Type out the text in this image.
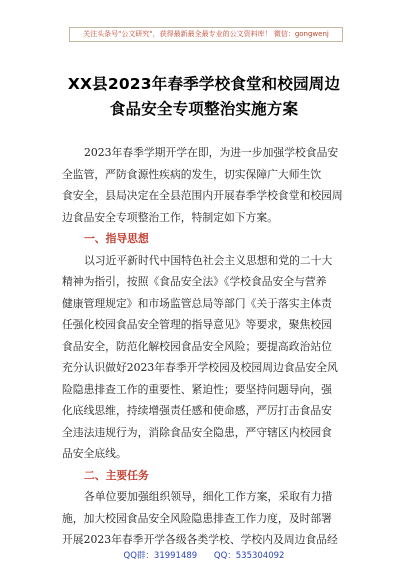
关注头条号"公文研究"，获得最新最全最专业的公文资料库！ 微信：gongwenj
XX县2023年春季学校食堂和校园周边
食品安全专项整治实施方案
2023年春季学期开学在即，为进一步加强学校食品安
全监管，严防食源性疾病的发生，切实保障广大师生饮
食安全，县局决定在全县范围内开展春季学校食堂和校园周
边食品安全专项整治工作，特制定如下方案。
一、指导思想
以习近平新时代中国特色社会主义思想和党的二十大
精神为指引，按照《食品安全法》《学校食品安全与营养
健康管理规定》和市场监管总局等部门《关于落实主体责
任强化校园食品安全管理的指导意见》等要求，聚焦校园
食品安全，防范化解校园食品安全风险；要提高政治站位
充分认识做好2023年春季开学校园及校园周边食品安全风
险隐患排查工作的重要性、紧迫性；要坚持问题导向，强
化底线思维，持续增强责任感和使命感，严厉打击食品安
全违法违规行为，消除食品安全隐患，严守辖区内校园食
品安全底线。
二、主要任务
各单位要加强组织领导，细化工作方案，采取有力措
施，加大校园食品安全风险隐患排查工作力度，及时部署
开展2023年春季开学各级各类学校、学校内及周边食品经
QQ群：31991489 QQ：535304092
